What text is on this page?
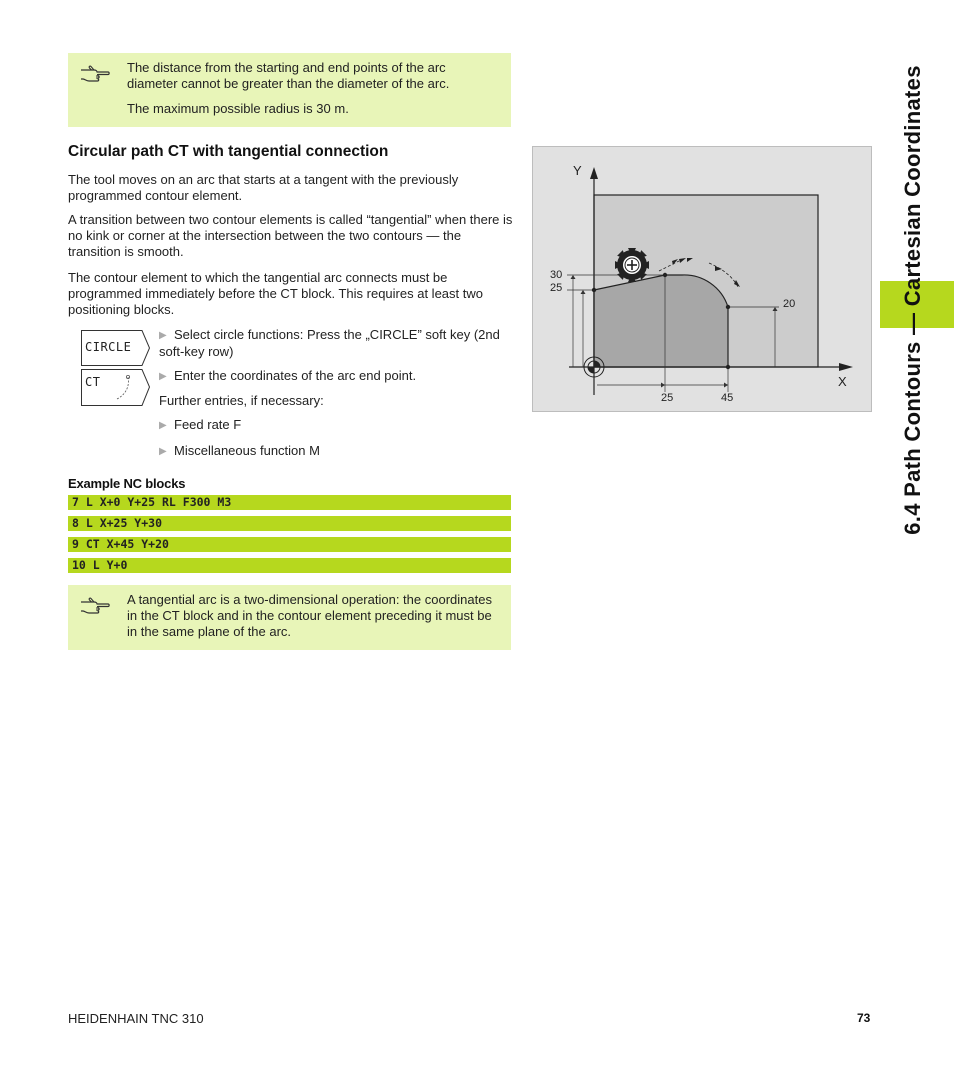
The distance from the starting and end points of the arc diameter cannot be greater than the diameter of the arc.

The maximum possible radius is 30 m.

Circular path CT with tangential connection

The tool moves on an arc that starts at a tangent with the previously programmed contour element.

A transition between two contour elements is called “tangential” when there is no kink or corner at the intersection between the two contours — the transition is smooth.

The contour element to which the tangential arc connects must be programmed immediately before the CT block. This requires at least two positioning blocks.

CIRCLE
CT
▶ Select circle functions: Press the „CIRCLE” soft key (2nd soft-key row)
▶ Enter the coordinates of the arc end point.
Further entries, if necessary:
▶ Feed rate F
▶ Miscellaneous function M
Example NC blocks
7 L X+0 Y+25 RL F300 M3
8 L X+25 Y+30
9 CT X+45 Y+20
10 L Y+0

A tangential arc is a two-dimensional operation: the coordinates in the CT block and in the contour element preceding it must be in the same plane of the arc.

Y
X
30
25
20
25	45	6.4 Path Contours — Cartesian Coordinates
HEIDENHAIN TNC 310	73
